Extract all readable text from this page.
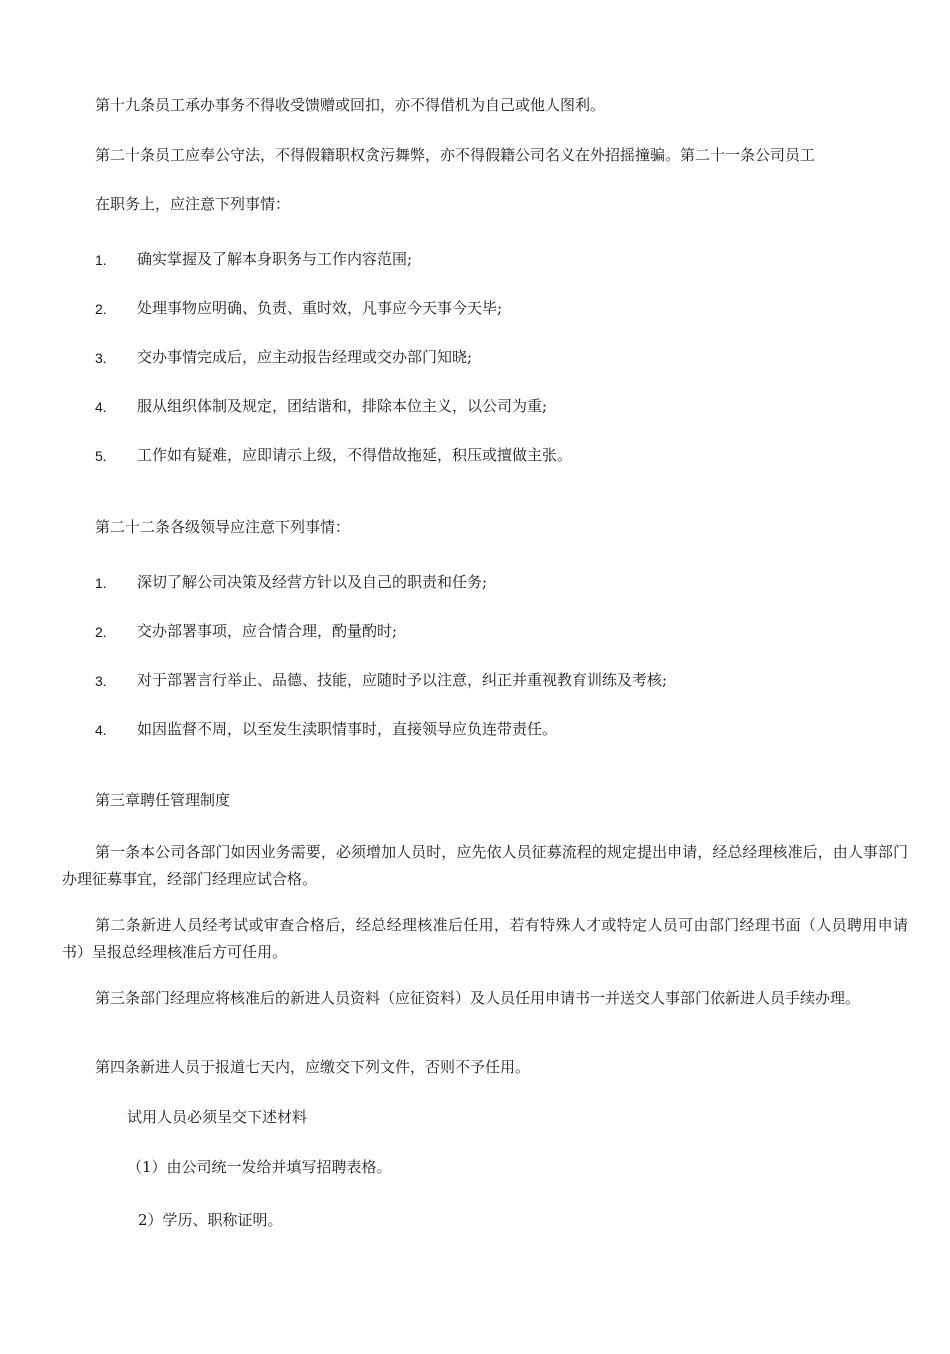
第十九条员工承办事务不得收受馈赠或回扣，亦不得借机为自己或他人图利。
第二十条员工应奉公守法，不得假籍职权贪污舞弊，亦不得假籍公司名义在外招摇撞骗。第二十一条公司员工
在职务上，应注意下列事情：
1. 确实掌握及了解本身职务与工作内容范围;
2. 处理事物应明确、负责、重时效，凡事应今天事今天毕;
3. 交办事情完成后，应主动报告经理或交办部门知晓;
4. 服从组织体制及规定，团结谐和，排除本位主义，以公司为重;
5. 工作如有疑难，应即请示上级，不得借故拖延，积压或擅做主张。
第二十二条各级领导应注意下列事情：
1. 深切了解公司决策及经营方针以及自己的职责和任务;
2. 交办部署事项，应合情合理，酌量酌时;
3. 对于部署言行举止、品德、技能，应随时予以注意，纠正并重视教育训练及考核;
4. 如因监督不周，以至发生渎职情事时，直接领导应负连带责任。
第三章聘任管理制度
第一条本公司各部门如因业务需要，必须增加人员时，应先依人员征募流程的规定提出申请，经总经理核准后，由人事部门办理征募事宜，经部门经理应试合格。
第二条新进人员经考试或审查合格后，经总经理核准后任用，若有特殊人才或特定人员可由部门经理书面（人员聘用申请书）呈报总经理核准后方可任用。
第三条部门经理应将核准后的新进人员资料（应征资料）及人员任用申请书一并送交人事部门依新进人员手续办理。
第四条新进人员于报道七天内，应缴交下列文件，否则不予任用。
试用人员必须呈交下述材料
（1）由公司统一发给并填写招聘表格。
2）学历、职称证明。
